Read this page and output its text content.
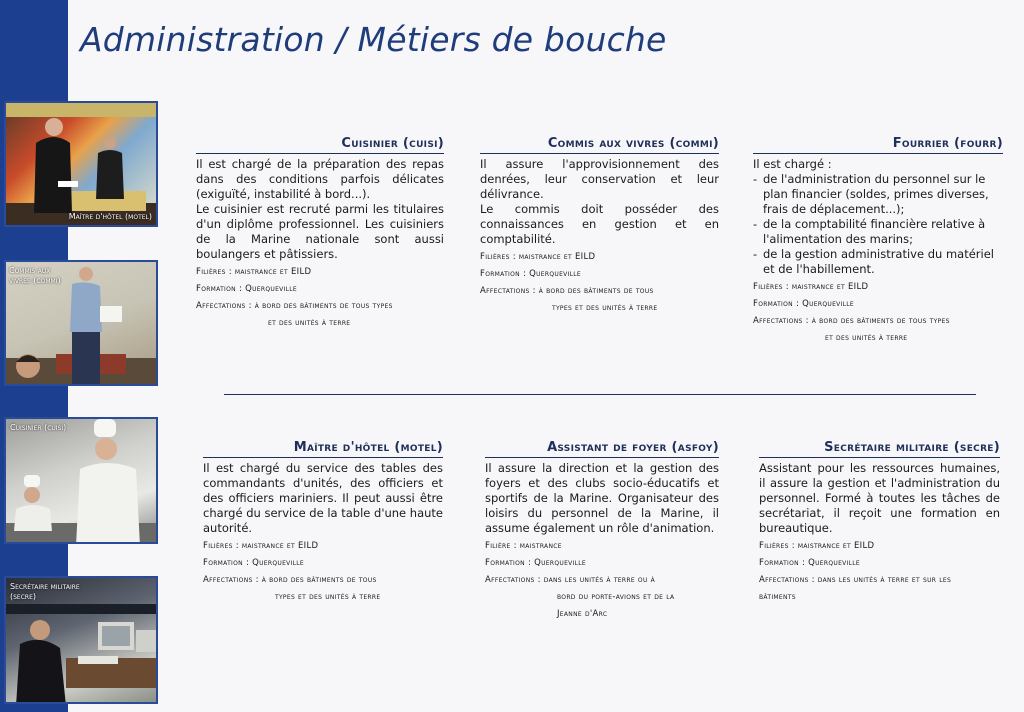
Administration / Métiers de bouche
Maître d'hôtel (motel)
Commis aux vivres (commi)
Cuisinier (cuisi)
Secrétaire militaire (secre)
Cuisinier (cuisi)

Il est chargé de la préparation des repas dans des conditions parfois délicates (exiguïté, instabilité à bord...).

Le cuisinier est recruté parmi les titulaires d'un diplôme professionnel. Les cuisiniers de la Marine nationale sont aussi boulangers et pâtissiers.

Filières : maistrance et EILD
Formation : Querqueville
Affectations : à bord des bâtiments de tous types
et des unités à terre
Commis aux vivres (commi)

Il assure l'approvisionnement des denrées, leur conservation et leur délivrance.

Le commis doit posséder des connaissances en gestion et en comptabilité.

Filières : maistrance et EILD
Formation : Querqueville
Affectations : à bord des bâtiments de tous
types et des unités à terre
Fourrier (fourr)

Il est chargé :

- de l'administration du personnel sur le plan financier (soldes, primes diverses, frais de déplacement...);
- de la comptabilité financière relative à l'alimentation des marins;
- de la gestion administrative du matériel et de l'habillement.
Filières : maistrance et EILD
Formation : Querqueville
Affectations : à bord des bâtiments de tous types
et des unités à terre
Maître d'hôtel (motel)

Il est chargé du service des tables des commandants d'unités, des officiers et des officiers mariniers. Il peut aussi être chargé du service de la table d'une haute autorité.

Filières : maistrance et EILD
Formation : Querqueville
Affectations : à bord des bâtiments de tous
types et des unités à terre
Assistant de foyer (asfoy)

Il assure la direction et la gestion des foyers et des clubs socio-éducatifs et sportifs de la Marine. Organisateur des loisirs du personnel de la Marine, il assume également un rôle d'animation.

Filière : maistrance
Formation : Querqueville
Affectations : dans les unités à terre ou à
bord du porte-avions et de la
Jeanne d'Arc
Secrétaire militaire (secre)

Assistant pour les ressources humaines, il assure la gestion et l'administration du personnel. Formé à toutes les tâches de secrétariat, il reçoit une formation en bureautique.

Filières : maistrance et EILD
Formation : Querqueville
Affectations : dans les unités à terre et sur les
bâtiments
